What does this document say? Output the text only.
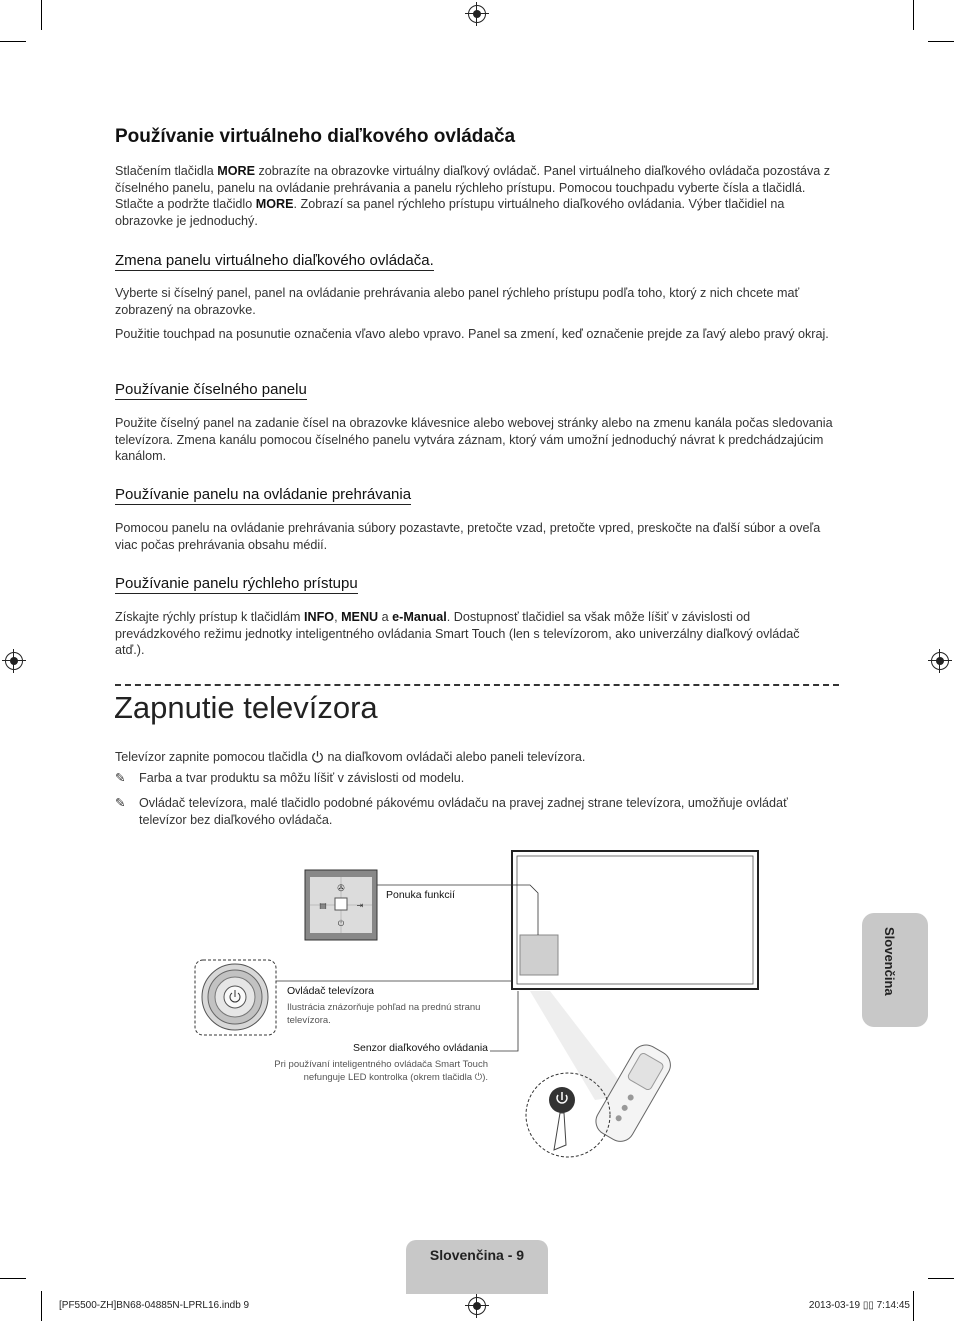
Používanie virtuálneho diaľkového ovládača

Stlačením tlačidla MORE zobrazíte na obrazovke virtuálny diaľkový ovládač. Panel virtuálneho diaľkového ovládača pozostáva z číselného panelu, panelu na ovládanie prehrávania a panelu rýchleho prístupu. Pomocou touchpadu vyberte čísla a tlačidlá. Stlačte a podržte tlačidlo MORE. Zobrazí sa panel rýchleho prístupu virtuálneho diaľkového ovládania. Výber tlačidiel na obrazovke je jednoduchý.

Zmena panelu virtuálneho diaľkového ovládača.

Vyberte si číselný panel, panel na ovládanie prehrávania alebo panel rýchleho prístupu podľa toho, ktorý z nich chcete mať zobrazený na obrazovke.

Použitie touchpad na posunutie označenia vľavo alebo vpravo. Panel sa zmení, keď označenie prejde za ľavý alebo pravý okraj.

Používanie číselného panelu

Použite číselný panel na zadanie čísel na obrazovke klávesnice alebo webovej stránky alebo na zmenu kanála počas sledovania televízora. Zmena kanálu pomocou číselného panelu vytvára záznam, ktorý vám umožní jednoduchý návrat k predchádzajúcim kanálom.

Používanie panelu na ovládanie prehrávania

Pomocou panelu na ovládanie prehrávania súbory pozastavte, pretočte vzad, pretočte vpred, preskočte na ďalší súbor a oveľa viac počas prehrávania obsahu médií.

Používanie panelu rýchleho prístupu

Získajte rýchly prístup k tlačidlám INFO, MENU a e-Manual. Dostupnosť tlačidiel sa však môže líšiť v závislosti od prevádzkového režimu jednotky inteligentného ovládania Smart Touch (len s televízorom, ako univerzálny diaľkový ovládač atď.).

Zapnutie televízora
Televízor zapnite pomocou tlačidla  na diaľkovom ovládači alebo paneli televízora.
✎ Farba a tvar produktu sa môžu líšiť v závislosti od modelu.
✎	Ovládač televízora, malé tlačidlo podobné pákovému ovládaču na pravej zadnej strane televízora, umožňuje ovládať televízor bez diaľkového ovládača.
✇
▤	⇥
⏻
Ponuka funkcií
Ovládač televízora
Ilustrácia znázorňuje pohľad na prednú stranu televízora.
Senzor diaľkového ovládania
Pri používaní inteligentného ovládača Smart Touch nefunguje LED kontrolka (okrem tlačidla ⏻).
Slovenčina
Slovenčina - 9
[PF5500-ZH]BN68-04885N-LPRL16.indb 9	2013-03-19 ▯▯ 7:14:45
